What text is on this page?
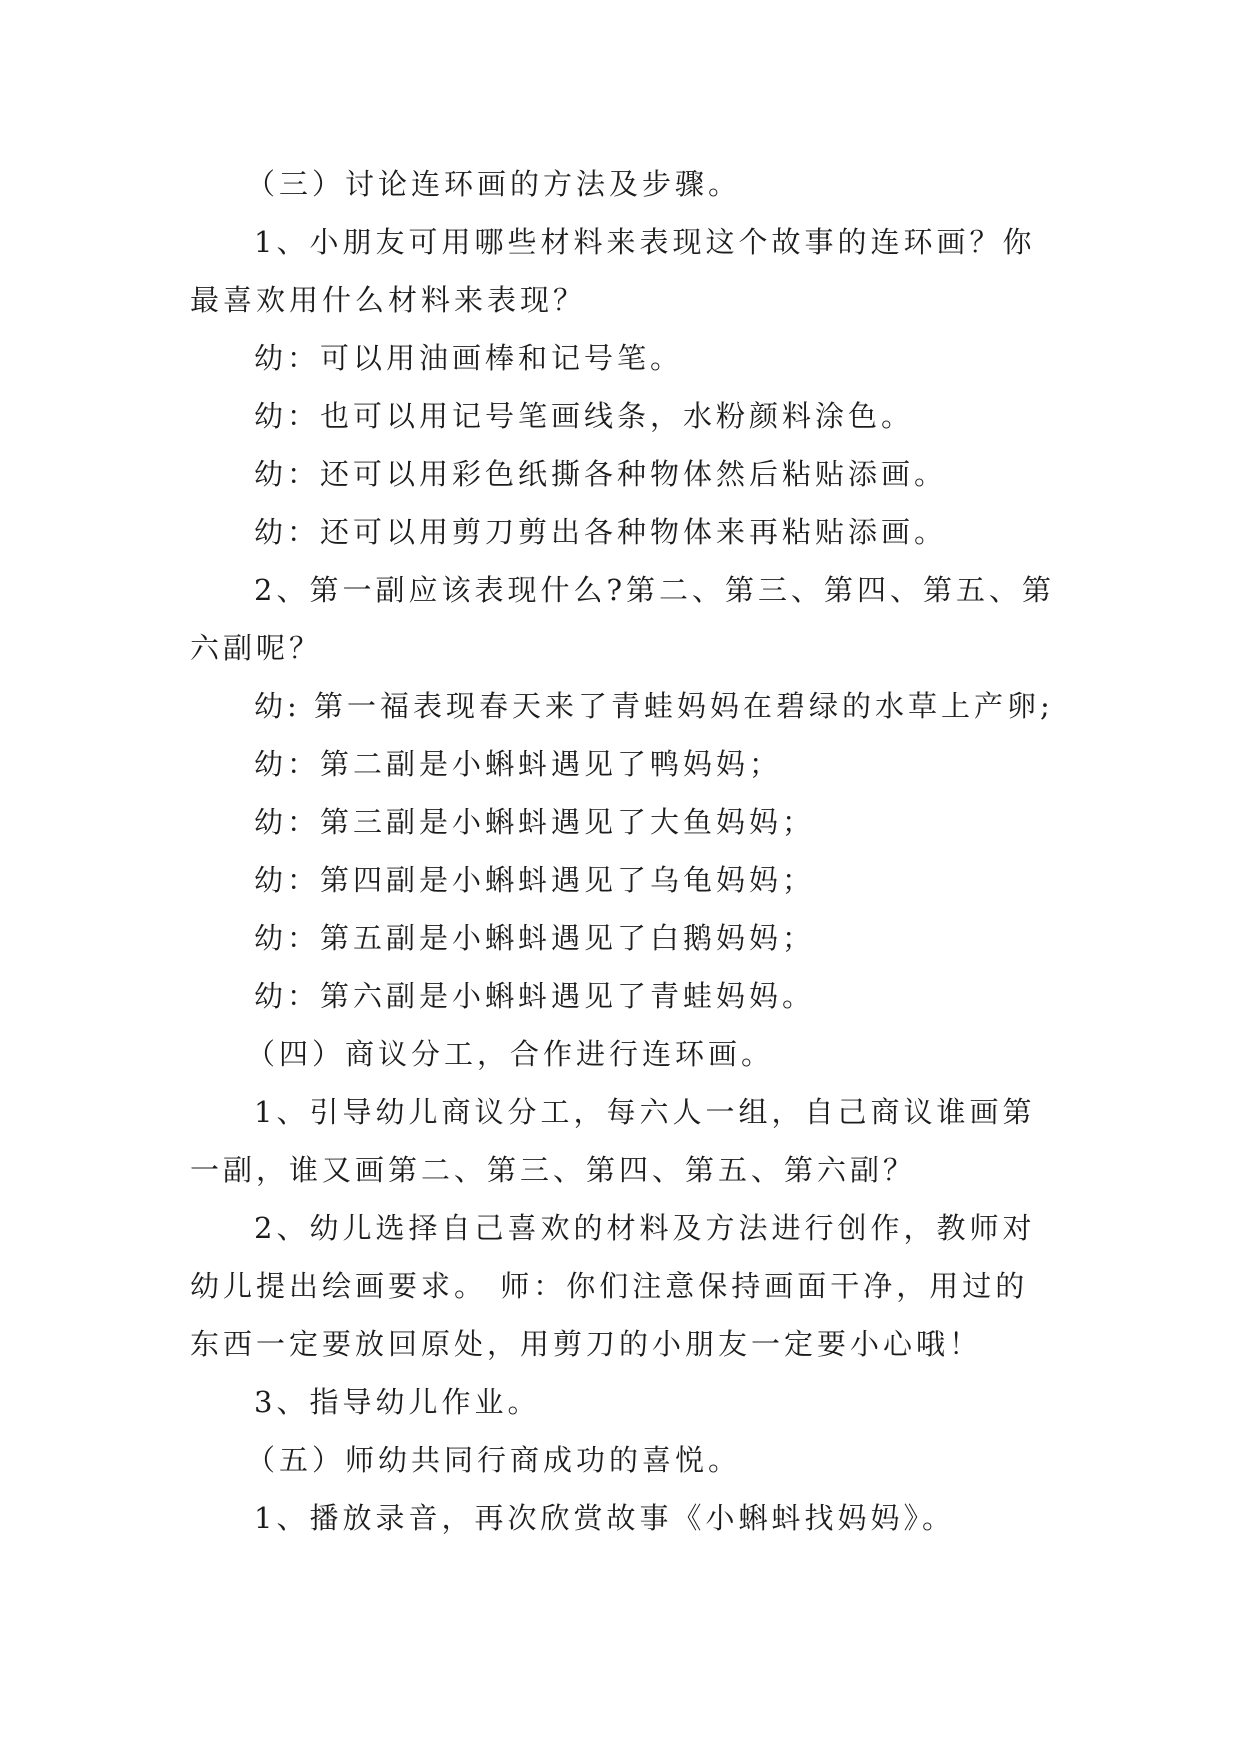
（三）讨论连环画的方法及步骤。

1、小朋友可用哪些材料来表现这个故事的连环画？你最喜欢用什么材料来表现？

幼：可以用油画棒和记号笔。

幼：也可以用记号笔画线条，水粉颜料涂色。

幼：还可以用彩色纸撕各种物体然后粘贴添画。

幼：还可以用剪刀剪出各种物体来再粘贴添画。

2、第一副应该表现什么?第二、第三、第四、第五、第六副呢？

幼: 第一福表现春天来了青蛙妈妈在碧绿的水草上产卵;

幼：第二副是小蝌蚪遇见了鸭妈妈；

幼：第三副是小蝌蚪遇见了大鱼妈妈；

幼：第四副是小蝌蚪遇见了乌龟妈妈；

幼：第五副是小蝌蚪遇见了白鹅妈妈；

幼：第六副是小蝌蚪遇见了青蛙妈妈。

（四）商议分工，合作进行连环画。

1、引导幼儿商议分工，每六人一组，自己商议谁画第一副，谁又画第二、第三、第四、第五、第六副？

2、幼儿选择自己喜欢的材料及方法进行创作，教师对幼儿提出绘画要求。 师：你们注意保持画面干净，用过的东西一定要放回原处，用剪刀的小朋友一定要小心哦！

3、指导幼儿作业。

（五）师幼共同行商成功的喜悦。

1、播放录音，再次欣赏故事《小蝌蚪找妈妈》。
